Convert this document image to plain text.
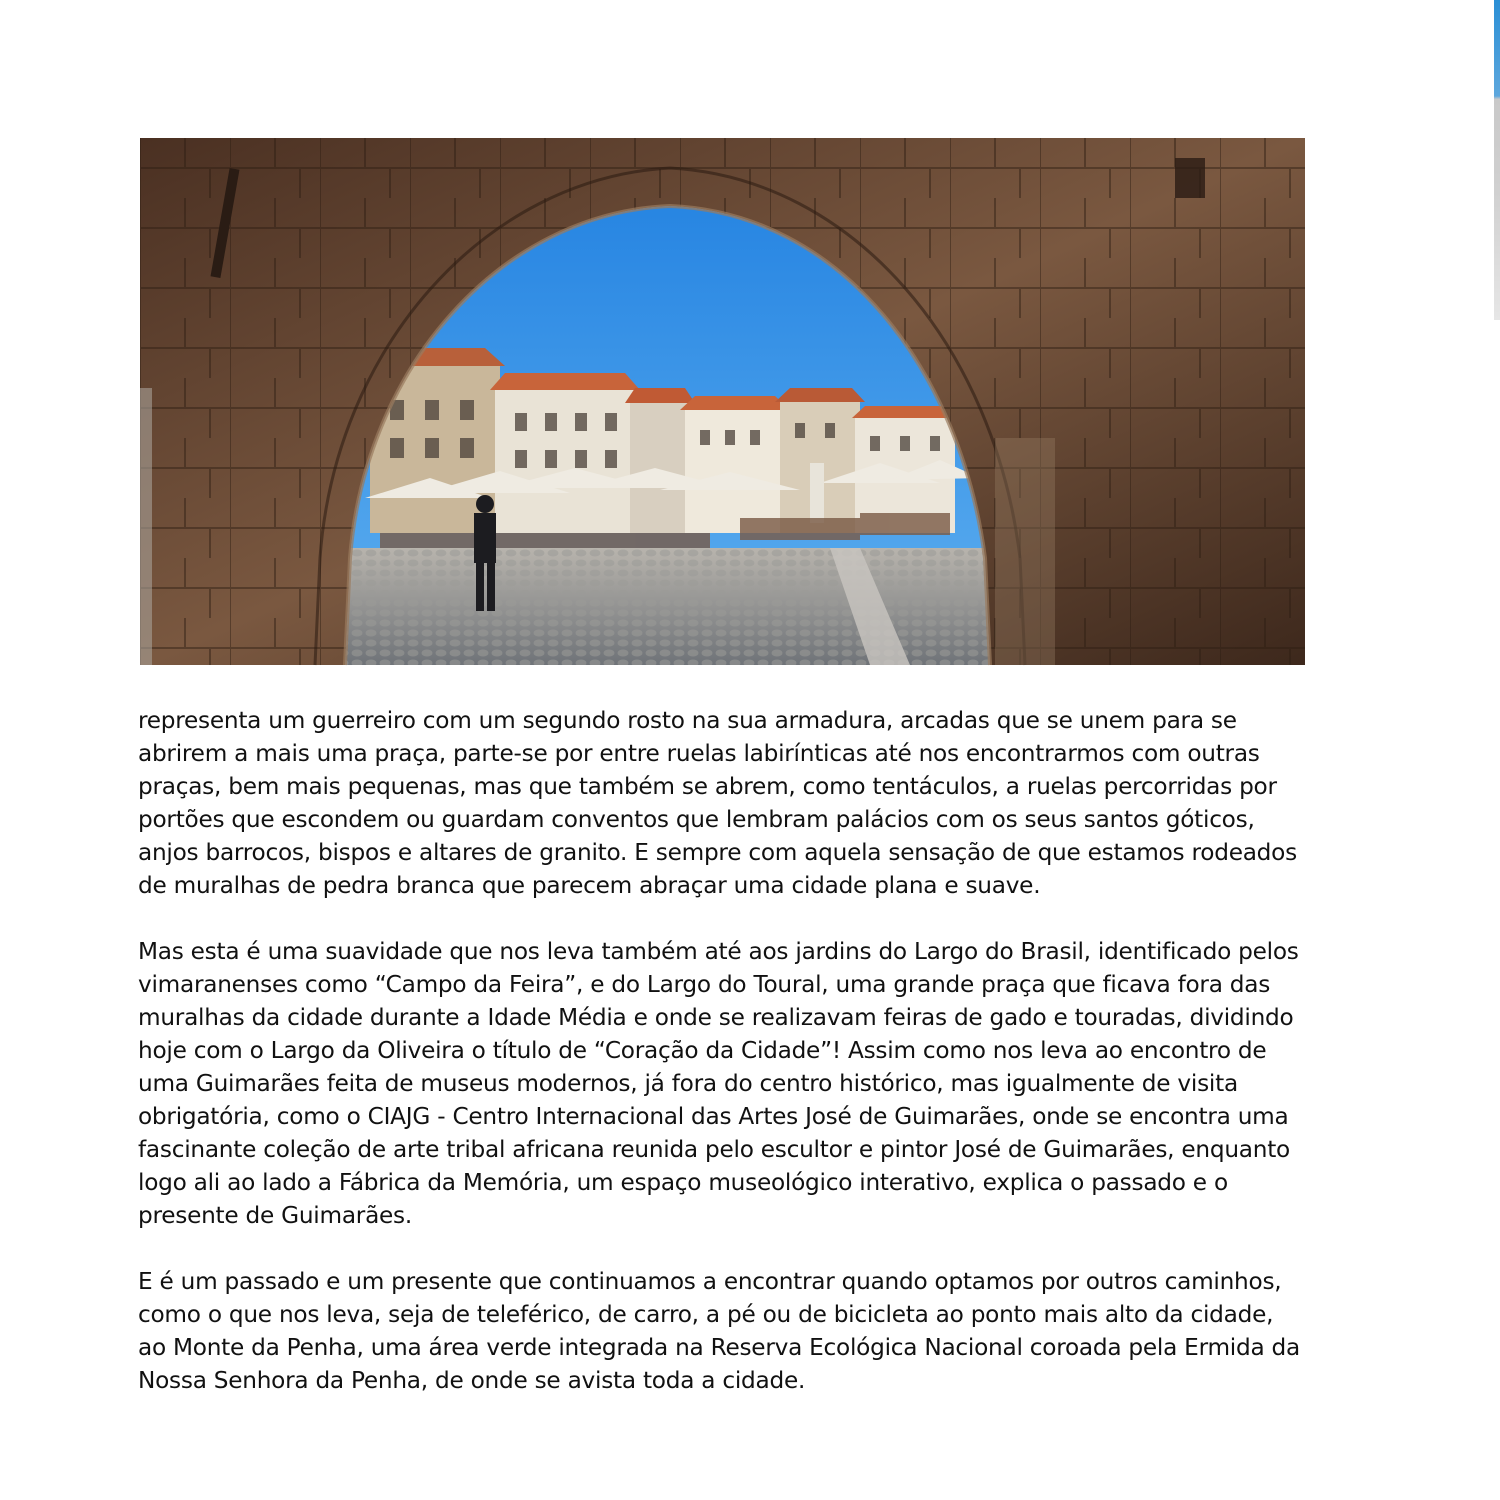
representa um guerreiro com um segundo rosto na sua armadura, arcadas que se unem para se
abrirem a mais uma praça, parte-se por entre ruelas labirínticas até nos encontrarmos com outras
praças, bem mais pequenas, mas que também se abrem, como tentáculos, a ruelas percorridas por
portões que escondem ou guardam conventos que lembram palácios com os seus santos góticos,
anjos barrocos, bispos e altares de granito. E sempre com aquela sensação de que estamos rodeados
de muralhas de pedra branca que parecem abraçar uma cidade plana e suave.

Mas esta é uma suavidade que nos leva também até aos jardins do Largo do Brasil, identificado pelos
vimaranenses como “Campo da Feira”, e do Largo do Toural, uma grande praça que ficava fora das
muralhas da cidade durante a Idade Média e onde se realizavam feiras de gado e touradas, dividindo
hoje com o Largo da Oliveira o título de “Coração da Cidade”! Assim como nos leva ao encontro de
uma Guimarães feita de museus modernos, já fora do centro histórico, mas igualmente de visita
obrigatória, como o CIAJG - Centro Internacional das Artes José de Guimarães, onde se encontra uma
fascinante coleção de arte tribal africana reunida pelo escultor e pintor José de Guimarães, enquanto
logo ali ao lado a Fábrica da Memória, um espaço museológico interativo, explica o passado e o
presente de Guimarães.

E é um passado e um presente que continuamos a encontrar quando optamos por outros caminhos,
como o que nos leva, seja de teleférico, de carro, a pé ou de bicicleta ao ponto mais alto da cidade,
ao Monte da Penha, uma área verde integrada na Reserva Ecológica Nacional coroada pela Ermida da
Nossa Senhora da Penha, de onde se avista toda a cidade.
